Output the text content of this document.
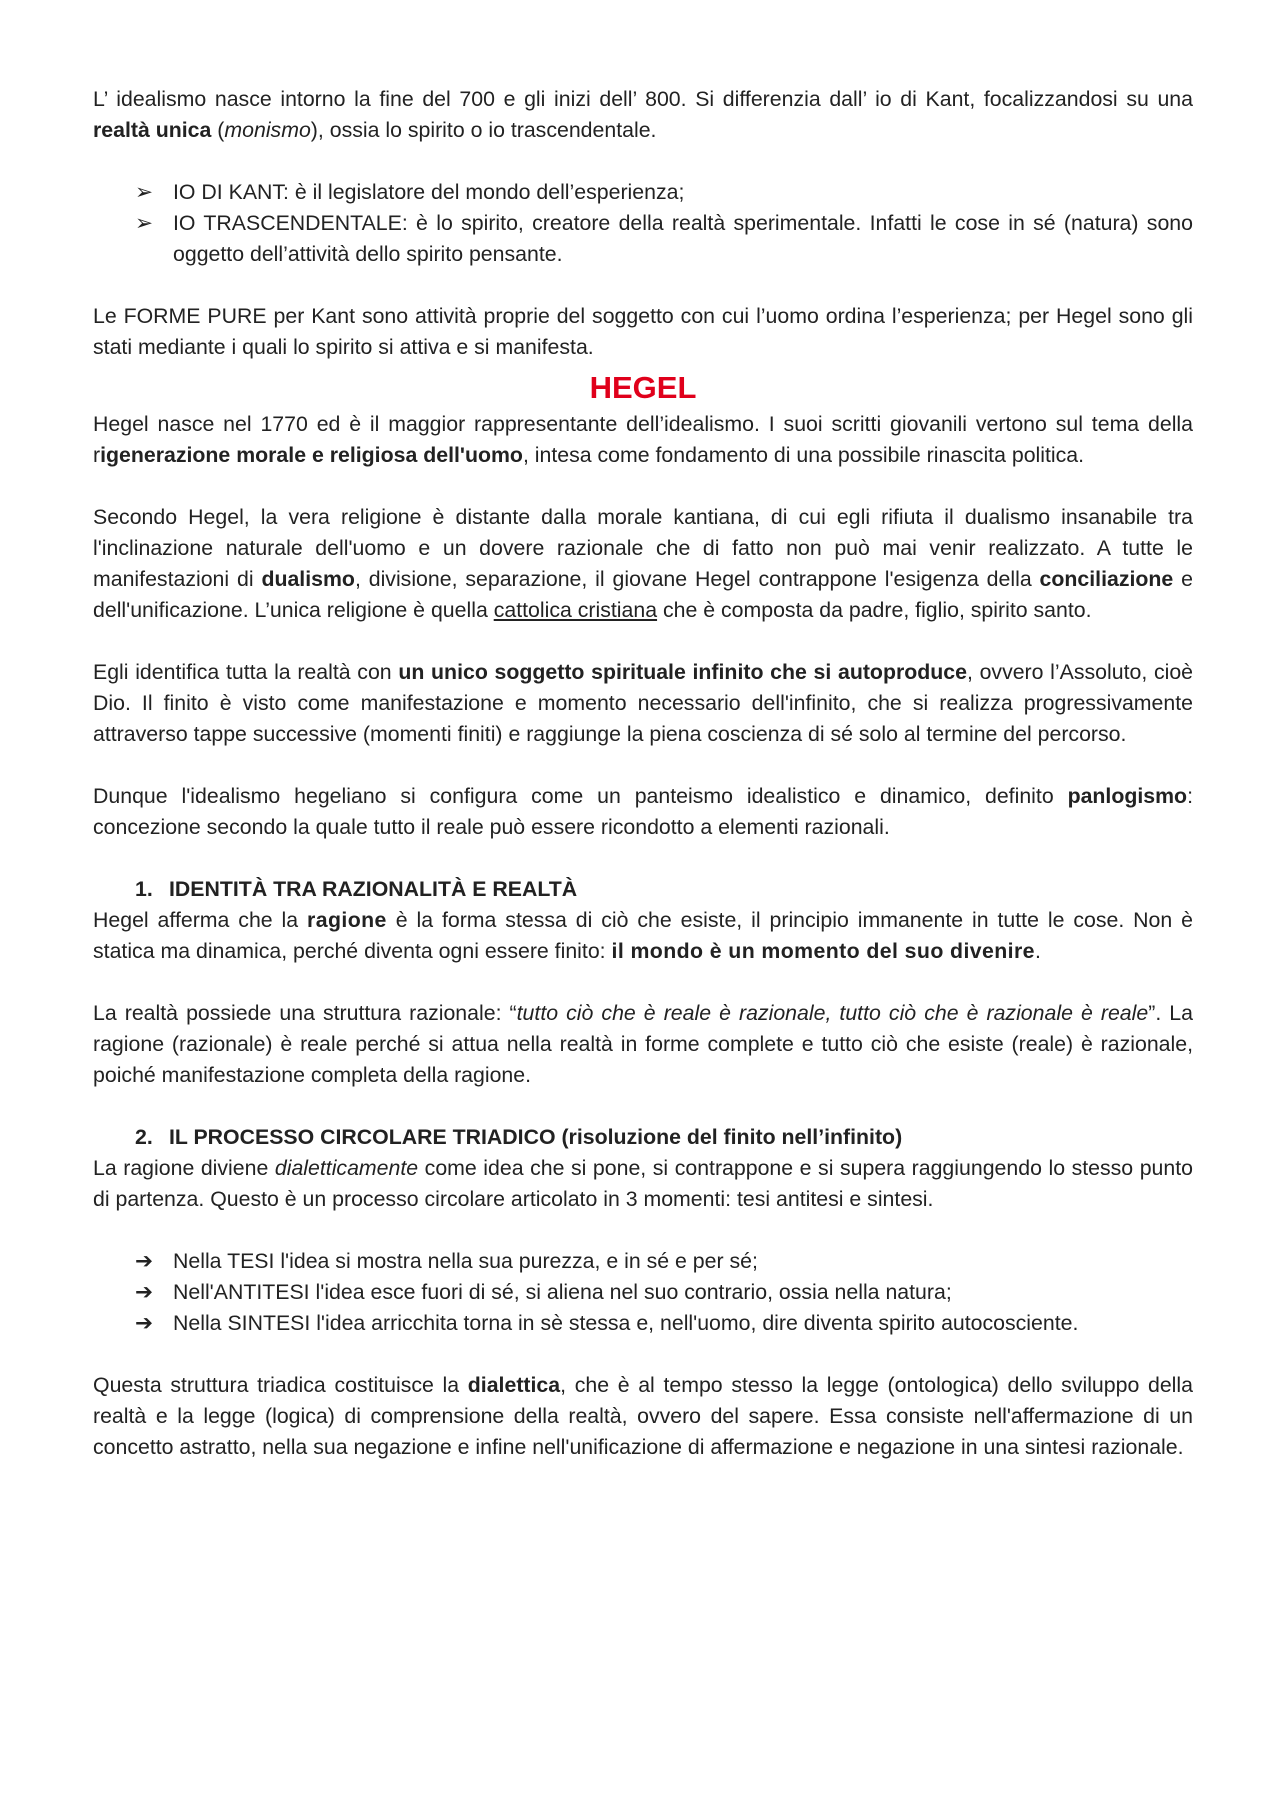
L’ idealismo nasce intorno la fine del 700 e gli inizi dell’ 800. Si differenzia dall’ io di Kant, focalizzandosi su una realtà unica (monismo), ossia lo spirito o io trascendentale.

➢ IO DI KANT: è il legislatore del mondo dell’esperienza;
➢ IO TRASCENDENTALE: è lo spirito, creatore della realtà sperimentale. Infatti le cose in sé (natura) sono oggetto dell’attività dello spirito pensante.

Le FORME PURE per Kant sono attività proprie del soggetto con cui l’uomo ordina l’esperienza; per Hegel sono gli stati mediante i quali lo spirito si attiva e si manifesta.

HEGEL

Hegel nasce nel 1770 ed è il maggior rappresentante dell’idealismo. I suoi scritti giovanili vertono sul tema della rigenerazione morale e religiosa dell'uomo, intesa come fondamento di una possibile rinascita politica.

Secondo Hegel, la vera religione è distante dalla morale kantiana, di cui egli rifiuta il dualismo insanabile tra l'inclinazione naturale dell'uomo e un dovere razionale che di fatto non può mai venir realizzato. A tutte le manifestazioni di dualismo, divisione, separazione, il giovane Hegel contrappone l'esigenza della conciliazione e dell'unificazione. L’unica religione è quella cattolica cristiana che è composta da padre, figlio, spirito santo.

Egli identifica tutta la realtà con un unico soggetto spirituale infinito che si autoproduce, ovvero l’Assoluto, cioè Dio. Il finito è visto come manifestazione e momento necessario dell'infinito, che si realizza progressivamente attraverso tappe successive (momenti finiti) e raggiunge la piena coscienza di sé solo al termine del percorso.

Dunque l'idealismo hegeliano si configura come un panteismo idealistico e dinamico, definito panlogismo: concezione secondo la quale tutto il reale può essere ricondotto a elementi razionali.

1. IDENTITÀ TRA RAZIONALITÀ E REALTÀ

Hegel afferma che la ragione è la forma stessa di ciò che esiste, il principio immanente in tutte le cose. Non è statica ma dinamica, perché diventa ogni essere finito: il mondo è un momento del suo divenire.

La realtà possiede una struttura razionale: “tutto ciò che è reale è razionale, tutto ciò che è razionale è reale”. La ragione (razionale) è reale perché si attua nella realtà in forme complete e tutto ciò che esiste (reale) è razionale, poiché manifestazione completa della ragione.

2. IL PROCESSO CIRCOLARE TRIADICO (risoluzione del finito nell’infinito)

La ragione diviene dialetticamente come idea che si pone, si contrappone e si supera raggiungendo lo stesso punto di partenza. Questo è un processo circolare articolato in 3 momenti: tesi antitesi e sintesi.

➔ Nella TESI l'idea si mostra nella sua purezza, e in sé e per sé;
➔ Nell'ANTITESI l'idea esce fuori di sé, si aliena nel suo contrario, ossia nella natura;
➔ Nella SINTESI l'idea arricchita torna in sè stessa e, nell'uomo, dire diventa spirito autocosciente.

Questa struttura triadica costituisce la dialettica, che è al tempo stesso la legge (ontologica) dello sviluppo della realtà e la legge (logica) di comprensione della realtà, ovvero del sapere. Essa consiste nell'affermazione di un concetto astratto, nella sua negazione e infine nell'unificazione di affermazione e negazione in una sintesi razionale.
